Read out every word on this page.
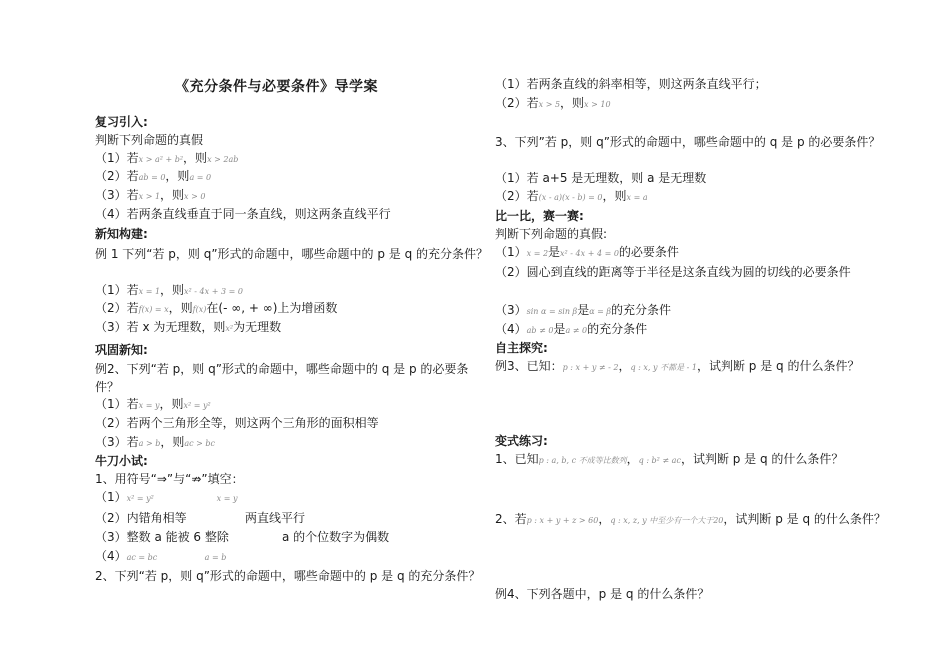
《充分条件与必要条件》导学案
复习引入:
判断下列命题的真假
（1）若x > a² + b²，则x > 2ab
（2）若ab = 0，则a = 0
（3）若x > 1，则x > 0
（4）若两条直线垂直于同一条直线，则这两条直线平行
新知构建:
例 1 下列“若 p，则 q”形式的命题中，哪些命题中的 p 是 q 的充分条件？
（1）若x = 1，则x² - 4x + 3 = 0
（2）若f(x) = x，则f(x)在(- ∞, + ∞)上为增函数
（3）若 x 为无理数，则x²为无理数
巩固新知:
例2、下列“若 p，则 q”形式的命题中，哪些命题中的 q 是 p 的必要条件？
（1）若x = y，则x² = y²
（2）若两个三角形全等，则这两个三角形的面积相等
（3）若a > b，则ac > bc
牛刀小试:
1、用符号“⇒”与“⇏”填空：
（1）x² = y²	x = y
（2）内错角相等	两直线平行
（3）整数 a 能被 6 整除	a 的个位数字为偶数
（4）ac = bc	a = b
2、下列“若 p，则 q”形式的命题中，哪些命题中的 p 是 q 的充分条件？
（1）若两条直线的斜率相等，则这两条直线平行；
（2）若x > 5，则x > 10
3、下列”若 p，则 q”形式的命题中，哪些命题中的 q 是 p 的必要条件？
（1）若 a+5 是无理数，则 a 是无理数
（2）若(x - a)(x - b) = 0，则x = a
比一比，赛一赛:
判断下列命题的真假:
（1）x = 2是x² - 4x + 4 = 0的必要条件
（2）圆心到直线的距离等于半径是这条直线为圆的切线的必要条件
（3）sin α = sin β是α = β的充分条件
（4）ab ≠ 0是a ≠ 0的充分条件
自主探究:
例3、已知：p : x + y ≠ - 2，q : x, y 不都是 - 1，试判断 p 是 q 的什么条件？
变式练习:
1、已知p : a, b, c 不成等比数列，q : b² ≠ ac，试判断 p 是 q 的什么条件？
2、若p : x + y + z > 60，q : x, z, y 中至少有一个大于20，试判断 p 是 q 的什么条件？
例4、下列各题中，p 是 q 的什么条件？
